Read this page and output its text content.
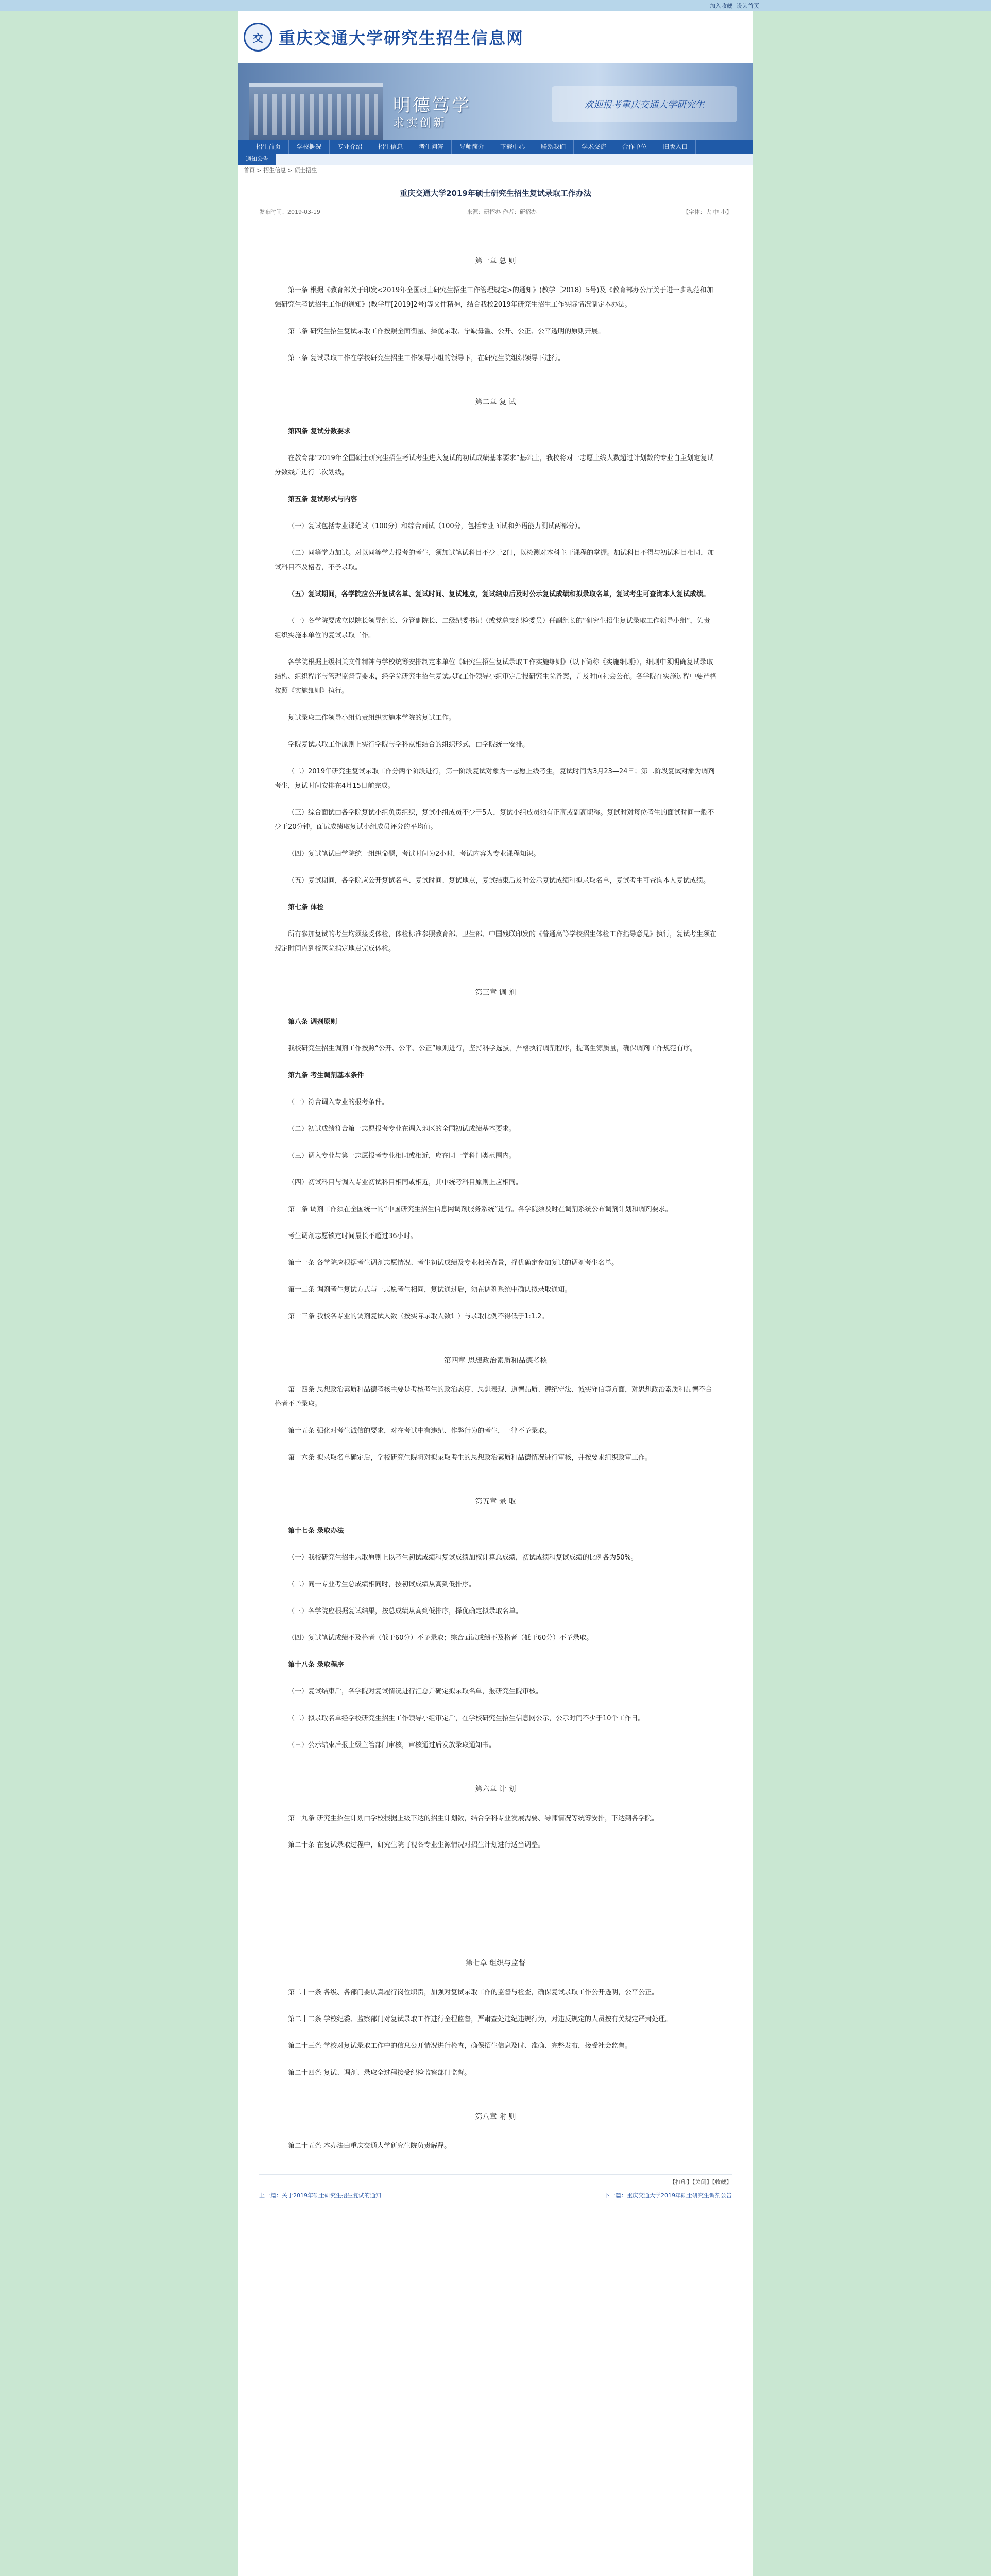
加入收藏 设为首页
交 重庆交通大学研究生招生信息网
明德笃学
求实创新
欢迎报考重庆交通大学研究生
招生首页	学校概况	专业介绍	招生信息	考生问答	导师简介	下载中心	联系我们	学术交流	合作单位	旧版入口
通知公告
首页 > 招生信息 > 硕士招生
重庆交通大学2019年硕士研究生招生复试录取工作办法
发布时间：2019-03-19	来源：研招办 作者：研招办	【字体：大 中 小】
第一章 总 则

第一条 根据《教育部关于印发<2019年全国硕士研究生招生工作管理规定>的通知》(教学〔2018〕5号)及《教育部办公厅关于进一步规范和加强研究生考试招生工作的通知》(教学厅[2019]2号)等文件精神，结合我校2019年研究生招生工作实际情况制定本办法。

第二条 研究生招生复试录取工作按照全面衡量、择优录取、宁缺毋滥、公开、公正、公平透明的原则开展。

第三条 复试录取工作在学校研究生招生工作领导小组的领导下，在研究生院组织领导下进行。

第二章 复 试

第四条 复试分数要求

在教育部“2019年全国硕士研究生招生考试考生进入复试的初试成绩基本要求”基础上，我校将对一志愿上线人数超过计划数的专业自主划定复试分数线并进行二次划线。

第五条 复试形式与内容

（一）复试包括专业课笔试（100分）和综合面试（100分，包括专业面试和外语能力测试两部分）。

（二）同等学力加试。对以同等学力报考的考生，须加试笔试科目不少于2门，以检测对本科主干课程的掌握。加试科目不得与初试科目相同，加试科目不及格者，不予录取。

（五）复试期间，各学院应公开复试名单、复试时间、复试地点，复试结束后及时公示复试成绩和拟录取名单，复试考生可查询本人复试成绩。

（一）各学院要成立以院长领导组长、分管副院长、二级纪委书记（或党总支纪检委员）任副组长的“研究生招生复试录取工作领导小组”，负责组织实施本单位的复试录取工作。

各学院根据上级相关文件精神与学校统筹安排制定本单位《研究生招生复试录取工作实施细则》（以下简称《实施细则》），细则中须明确复试录取结构、组织程序与管理监督等要求，经学院研究生招生复试录取工作领导小组审定后报研究生院备案，并及时向社会公布。各学院在实施过程中要严格按照《实施细则》执行。

复试录取工作领导小组负责组织实施本学院的复试工作。

学院复试录取工作原则上实行学院与学科点相结合的组织形式，由学院统一安排。

（二）2019年研究生复试录取工作分两个阶段进行，第一阶段复试对象为一志愿上线考生，复试时间为3月23—24日；第二阶段复试对象为调剂考生，复试时间安排在4月15日前完成。

（三）综合面试由各学院复试小组负责组织，复试小组成员不少于5人，复试小组成员须有正高或副高职称。复试时对每位考生的面试时间一般不少于20分钟，面试成绩取复试小组成员评分的平均值。

（四）复试笔试由学院统一组织命题，考试时间为2小时，考试内容为专业课程知识。

（五）复试期间，各学院应公开复试名单、复试时间、复试地点，复试结束后及时公示复试成绩和拟录取名单，复试考生可查询本人复试成绩。

第七条 体检

所有参加复试的考生均须接受体检，体检标准参照教育部、卫生部、中国残联印发的《普通高等学校招生体检工作指导意见》执行，复试考生须在规定时间内到校医院指定地点完成体检。

第三章 调 剂

第八条 调剂原则

我校研究生招生调剂工作按照“公开、公平、公正”原则进行，坚持科学选拔，严格执行调剂程序，提高生源质量，确保调剂工作规范有序。

第九条 考生调剂基本条件

（一）符合调入专业的报考条件。

（二）初试成绩符合第一志愿报考专业在调入地区的全国初试成绩基本要求。

（三）调入专业与第一志愿报考专业相同或相近，应在同一学科门类范围内。

（四）初试科目与调入专业初试科目相同或相近，其中统考科目原则上应相同。

第十条 调剂工作须在全国统一的“中国研究生招生信息网调剂服务系统”进行。各学院须及时在调剂系统公布调剂计划和调剂要求。

考生调剂志愿锁定时间最长不超过36小时。

第十一条 各学院应根据考生调剂志愿情况、考生初试成绩及专业相关背景，择优确定参加复试的调剂考生名单。

第十二条 调剂考生复试方式与一志愿考生相同，复试通过后，须在调剂系统中确认拟录取通知。

第十三条 我校各专业的调剂复试人数（按实际录取人数计）与录取比例不得低于1:1.2。

第四章 思想政治素质和品德考核

第十四条 思想政治素质和品德考核主要是考核考生的政治态度、思想表现、道德品质、遵纪守法、诚实守信等方面，对思想政治素质和品德不合格者不予录取。

第十五条 强化对考生诚信的要求，对在考试中有违纪、作弊行为的考生，一律不予录取。

第十六条 拟录取名单确定后，学校研究生院将对拟录取考生的思想政治素质和品德情况进行审核，并按要求组织政审工作。

第五章 录 取

第十七条 录取办法

（一）我校研究生招生录取原则上以考生初试成绩和复试成绩加权计算总成绩，初试成绩和复试成绩的比例各为50%。

（二）同一专业考生总成绩相同时，按初试成绩从高到低排序。

（三）各学院应根据复试结果，按总成绩从高到低排序，择优确定拟录取名单。

（四）复试笔试成绩不及格者（低于60分）不予录取；综合面试成绩不及格者（低于60分）不予录取。

第十八条 录取程序

（一）复试结束后，各学院对复试情况进行汇总并确定拟录取名单，报研究生院审核。

（二）拟录取名单经学校研究生招生工作领导小组审定后，在学校研究生招生信息网公示，公示时间不少于10个工作日。

（三）公示结束后报上级主管部门审核，审核通过后发放录取通知书。

第六章 计 划

第十九条 研究生招生计划由学校根据上级下达的招生计划数，结合学科专业发展需要、导师情况等统筹安排，下达到各学院。

第二十条 在复试录取过程中，研究生院可视各专业生源情况对招生计划进行适当调整。

第七章 组织与监督

第二十一条 各级、各部门要认真履行岗位职责，加强对复试录取工作的监督与检查，确保复试录取工作公开透明，公平公正。

第二十二条 学校纪委、监察部门对复试录取工作进行全程监督，严肃查处违纪违规行为，对违反规定的人员按有关规定严肃处理。

第二十三条 学校对复试录取工作中的信息公开情况进行检查，确保招生信息及时、准确、完整发布，接受社会监督。

第二十四条 复试、调剂、录取全过程接受纪检监察部门监督。

第八章 附 则

第二十五条 本办法由重庆交通大学研究生院负责解释。

【打印】【关闭】【收藏】
上一篇：关于2019年硕士研究生招生复试的通知	下一篇：重庆交通大学2019年硕士研究生调剂公告
